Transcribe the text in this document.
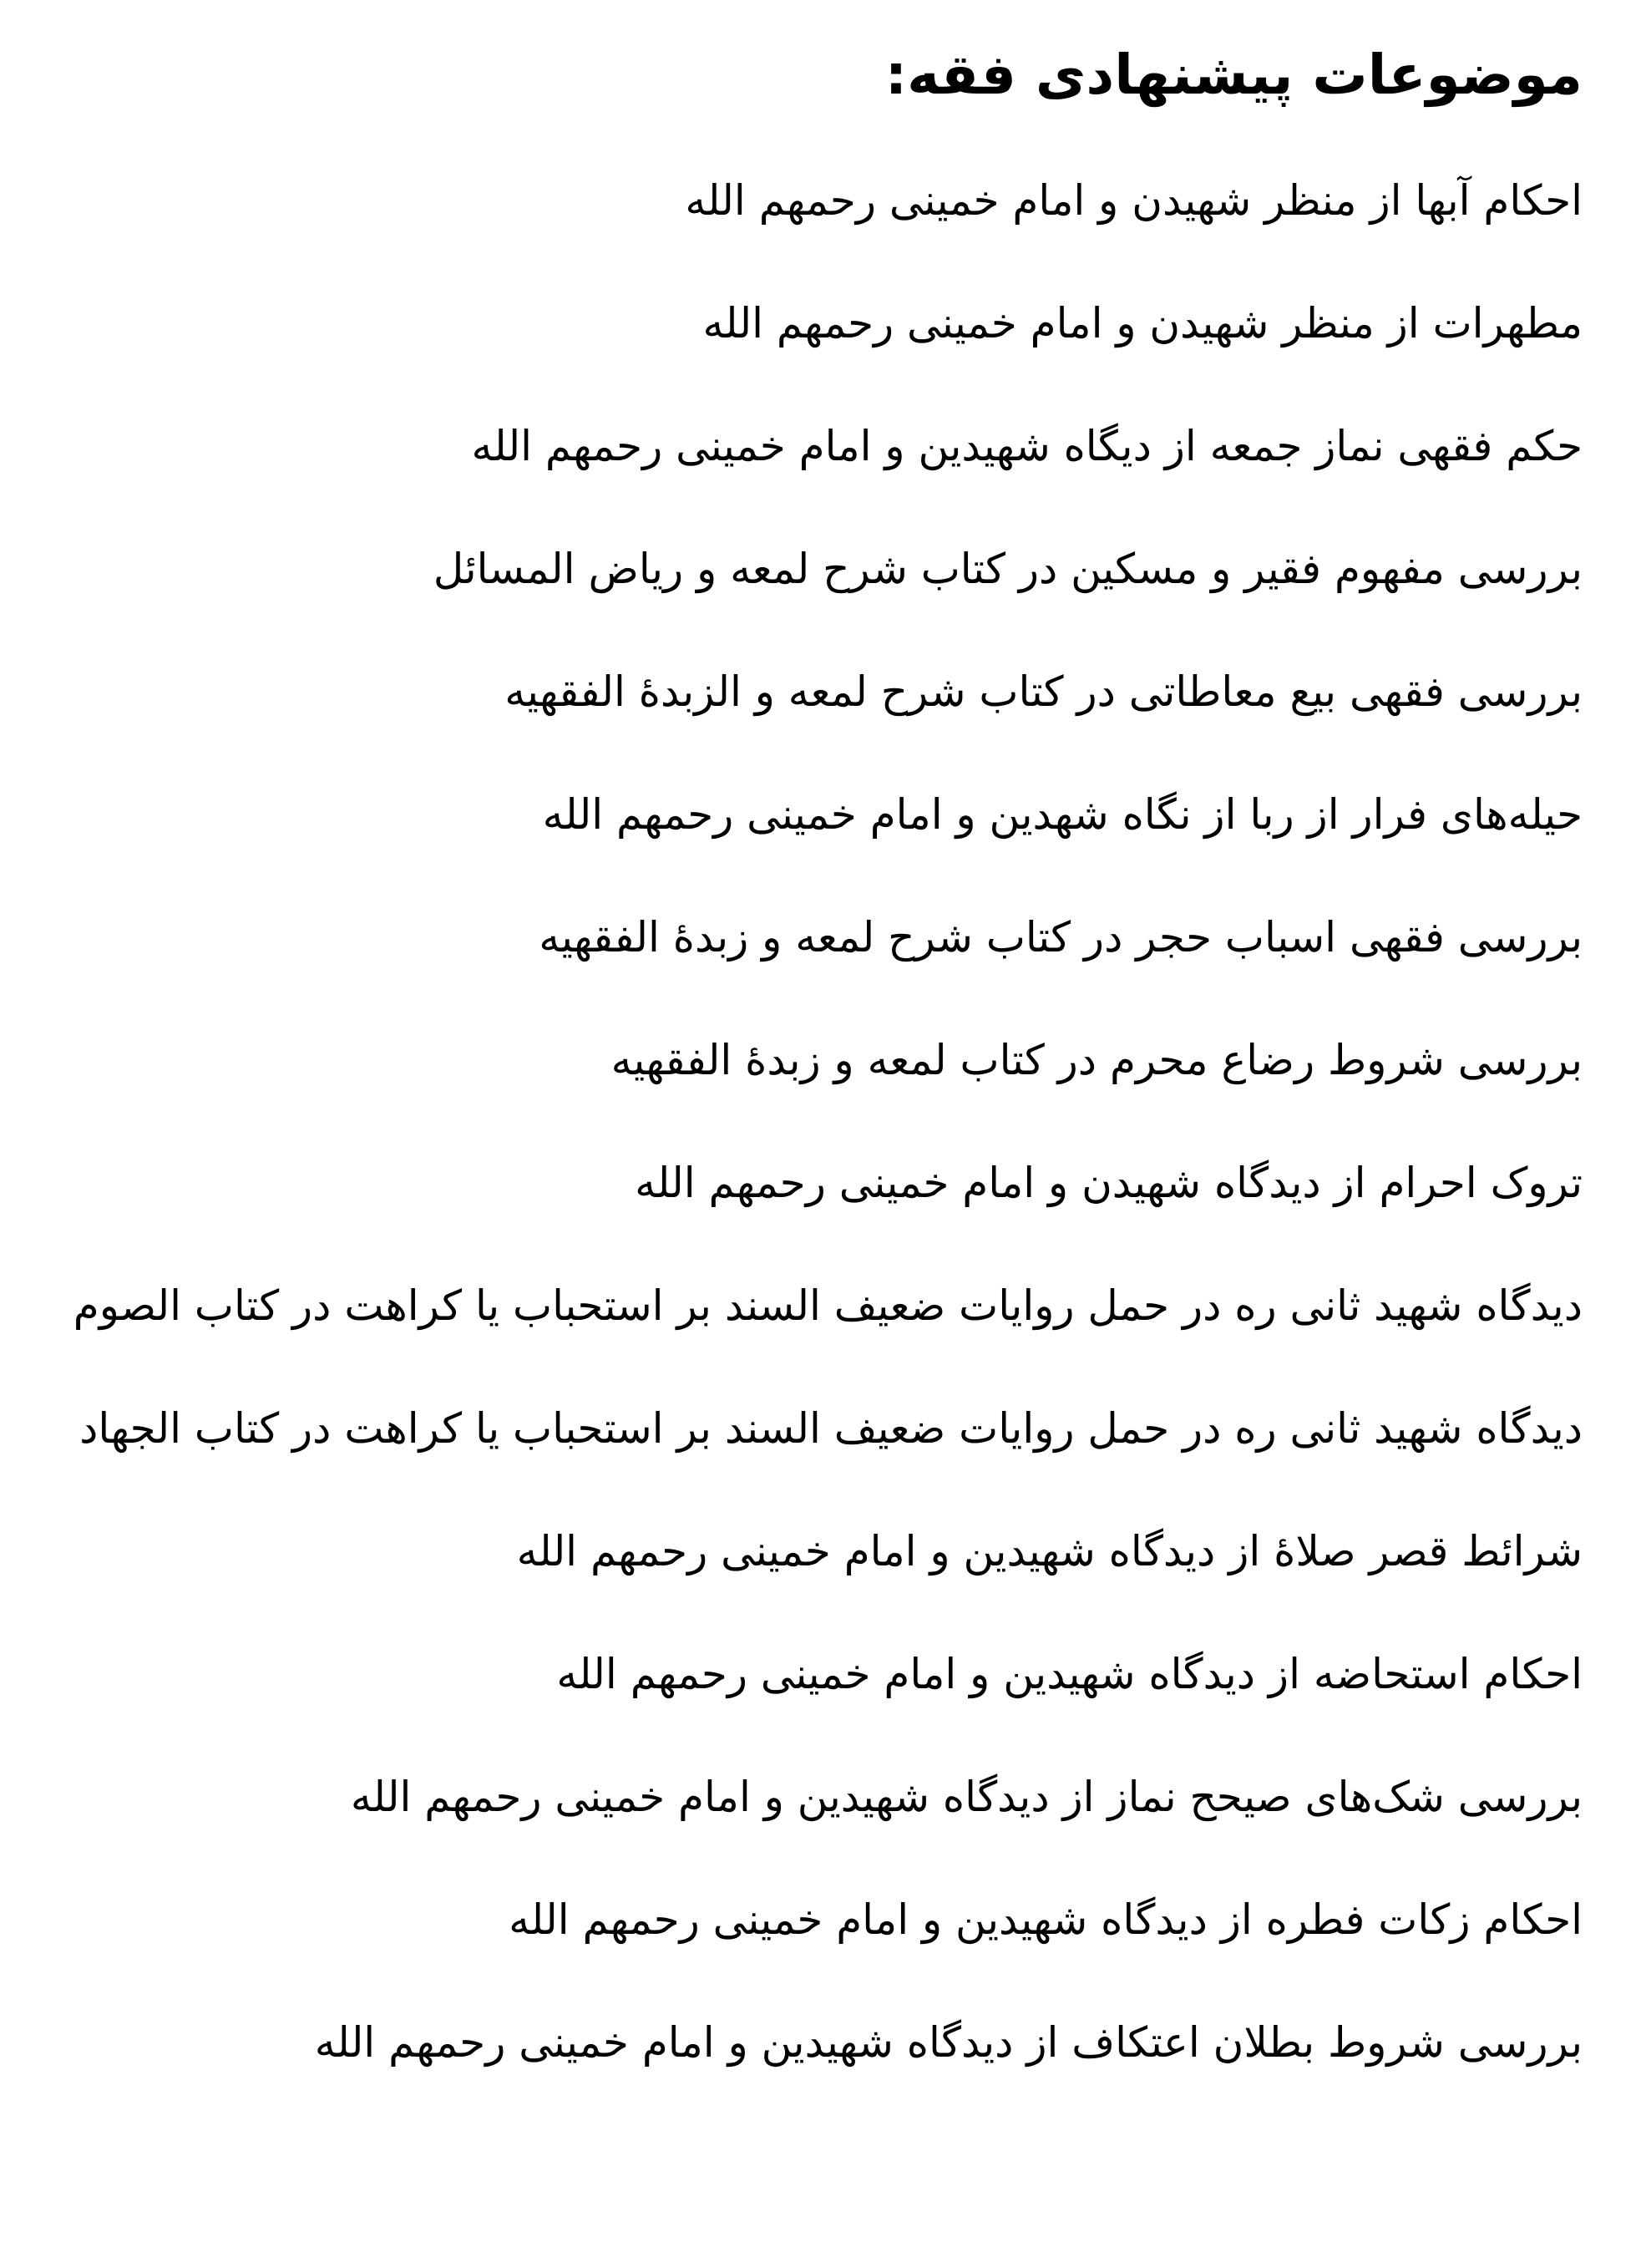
موضوعات پیشنهادی فقه:
احکام آبها از منظر شهیدن و امام خمینی رحمهم الله
مطهرات از منظر شهیدن و امام خمینی رحمهم الله
حکم فقهی نماز جمعه از دیگاه شهیدین و امام خمینی رحمهم الله
بررسی مفهوم فقیر و مسکین در کتاب شرح لمعه و ریاض المسائل
بررسی فقهی بیع معاطاتی در کتاب شرح لمعه و الزبدهٔ الفقهیه
حیله‌های فرار از ربا از نگاه شهدین و امام خمینی رحمهم الله
بررسی فقهی اسباب حجر در کتاب شرح لمعه و زبدهٔ الفقهیه
بررسی شروط رضاع محرم در کتاب لمعه و زبدهٔ الفقهیه
تروک احرام از دیدگاه شهیدن و امام خمینی رحمهم الله
دیدگاه شهید ثانی ره در حمل روایات ضعیف السند بر استحباب یا کراهت در کتاب الصوم
دیدگاه شهید ثانی ره در حمل روایات ضعیف السند بر استحباب یا کراهت در کتاب الجهاد
شرائط قصر صلاهٔ از دیدگاه شهیدین و امام خمینی رحمهم الله
احکام استحاضه از دیدگاه شهیدین و امام خمینی رحمهم الله
بررسی شک‌های صیحح نماز از دیدگاه شهیدین و امام خمینی رحمهم الله
احکام زکات فطره از دیدگاه شهیدین و امام خمینی رحمهم الله
بررسی شروط بطلان اعتکاف از دیدگاه شهیدین و امام خمینی رحمهم الله
